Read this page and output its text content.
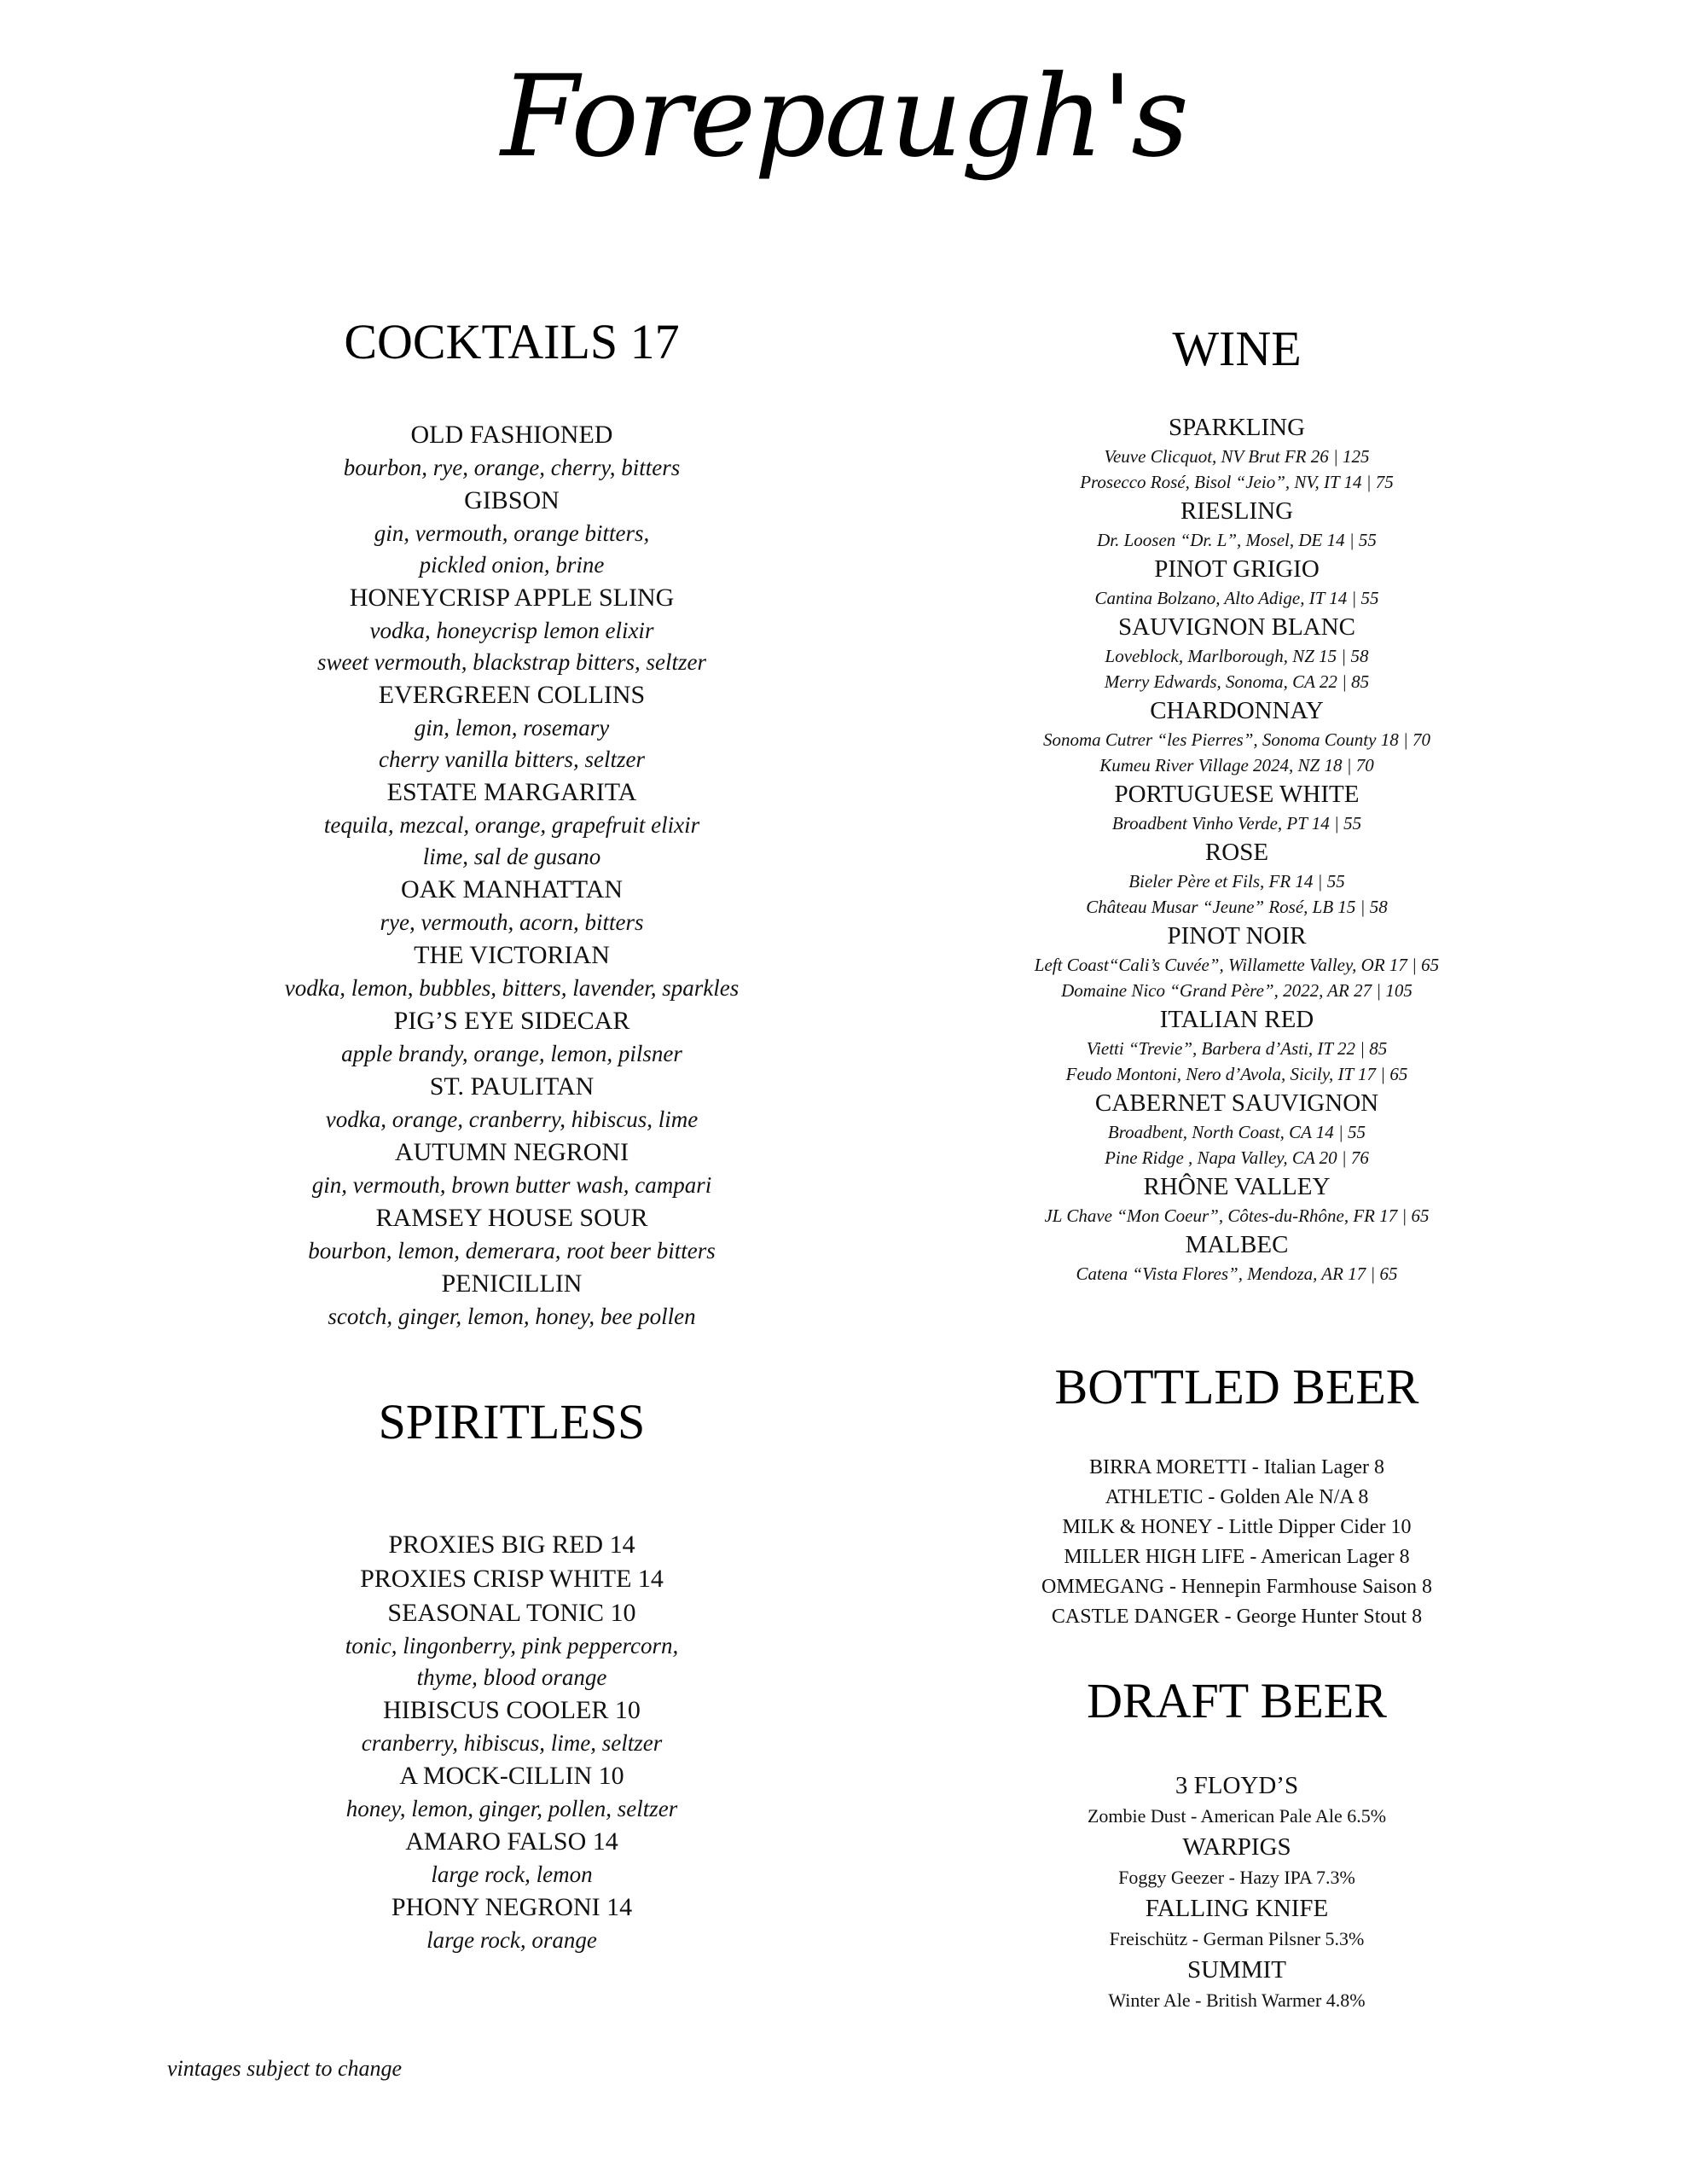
Forepaugh's
COCKTAILS 17
OLD FASHIONED
bourbon, rye, orange, cherry, bitters
GIBSON
gin, vermouth, orange bitters,
pickled onion, brine
HONEYCRISP APPLE SLING
vodka, honeycrisp lemon elixir
sweet vermouth, blackstrap bitters, seltzer
EVERGREEN COLLINS
gin, lemon, rosemary
cherry vanilla bitters, seltzer
ESTATE MARGARITA
tequila, mezcal, orange, grapefruit elixir
lime, sal de gusano
OAK MANHATTAN
rye, vermouth, acorn, bitters
THE VICTORIAN
vodka, lemon, bubbles, bitters, lavender, sparkles
PIG’S EYE SIDECAR
apple brandy, orange, lemon, pilsner
ST. PAULITAN
vodka, orange, cranberry, hibiscus, lime
AUTUMN NEGRONI
gin, vermouth, brown butter wash, campari
RAMSEY HOUSE SOUR
bourbon, lemon, demerara, root beer bitters
PENICILLIN
scotch, ginger, lemon, honey, bee pollen
SPIRITLESS
PROXIES BIG RED 14
PROXIES CRISP WHITE 14
SEASONAL TONIC 10
tonic, lingonberry, pink peppercorn,
thyme, blood orange
HIBISCUS COOLER 10
cranberry, hibiscus, lime, seltzer
A MOCK-CILLIN 10
honey, lemon, ginger, pollen, seltzer
AMARO FALSO 14
large rock, lemon
PHONY NEGRONI 14
large rock, orange
WINE
SPARKLING
Veuve Clicquot, NV Brut FR 26 | 125
Prosecco Rosé, Bisol “Jeio”, NV, IT 14 | 75
RIESLING
Dr. Loosen “Dr. L”, Mosel, DE 14 | 55
PINOT GRIGIO
Cantina Bolzano, Alto Adige, IT 14 | 55
SAUVIGNON BLANC
Loveblock, Marlborough, NZ 15 | 58
Merry Edwards, Sonoma, CA 22 | 85
CHARDONNAY
Sonoma Cutrer “les Pierres”, Sonoma County 18 | 70
Kumeu River Village 2024, NZ 18 | 70
PORTUGUESE WHITE
Broadbent Vinho Verde, PT 14 | 55
ROSE
Bieler Père et Fils, FR 14 | 55
Château Musar “Jeune” Rosé, LB 15 | 58
PINOT NOIR
Left Coast“Cali’s Cuvée”, Willamette Valley, OR 17 | 65
Domaine Nico “Grand Père”, 2022, AR 27 | 105
ITALIAN RED
Vietti “Trevie”, Barbera d’Asti, IT 22 | 85
Feudo Montoni, Nero d’Avola, Sicily, IT 17 | 65
CABERNET SAUVIGNON
Broadbent, North Coast, CA 14 | 55
Pine Ridge , Napa Valley, CA 20 | 76
RHÔNE VALLEY
JL Chave “Mon Coeur”, Côtes-du-Rhône, FR 17 | 65
MALBEC
Catena “Vista Flores”, Mendoza, AR 17 | 65
BOTTLED BEER
BIRRA MORETTI - Italian Lager 8
ATHLETIC - Golden Ale N/A 8
MILK & HONEY - Little Dipper Cider 10
MILLER HIGH LIFE - American Lager 8
OMMEGANG - Hennepin Farmhouse Saison 8
CASTLE DANGER - George Hunter Stout 8
DRAFT BEER
3 FLOYD’S
Zombie Dust - American Pale Ale 6.5%
WARPIGS
Foggy Geezer - Hazy IPA 7.3%
FALLING KNIFE
Freischütz - German Pilsner 5.3%
SUMMIT
Winter Ale - British Warmer 4.8%
vintages subject to change
